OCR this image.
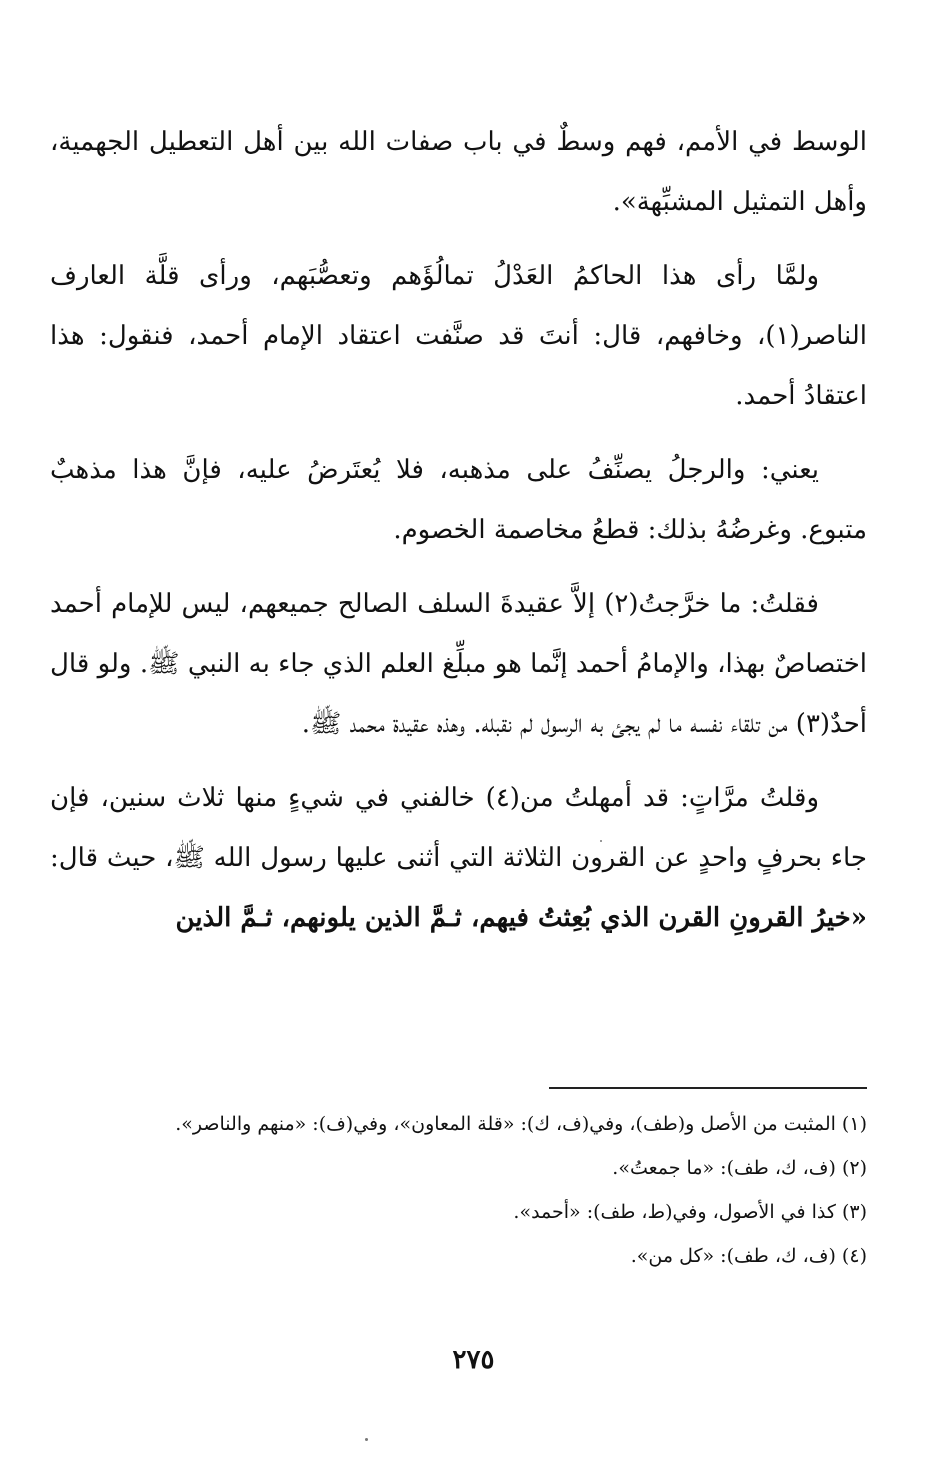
الوسط في الأمم، فهم وسطٌ في باب صفات الله بين أهل التعطيل الجهمية، وأهل التمثيل المشبِّهة».

ولمَّا رأى هذا الحاكمُ العَدْلُ تمالُؤَهم وتعصُّبَهم، ورأى قلَّة العارف الناصر(١)، وخافهم، قال: أنتَ قد صنَّفت اعتقاد الإمام أحمد، فنقول: هذا اعتقادُ أحمد.

يعني: والرجلُ يصنِّفُ على مذهبه، فلا يُعتَرضُ عليه، فإنَّ هذا مذهبٌ متبوع. وغرضُهُ بذلك: قطعُ مخاصمة الخصوم.

فقلتُ: ما خرَّجتُ(٢) إلاَّ عقيدةَ السلف الصالح جميعهم، ليس للإمام أحمد اختصاصٌ بهذا، والإمامُ أحمد إنَّما هو مبلِّغ العلم الذي جاء به النبي ﷺ. ولو قال أحدٌ(٣) من تلقاء نفسه ما لم يجئ به الرسول لم نقبله. وهذه عقيدة محمد ﷺ.

وقلتُ مرَّاتٍ: قد أمهلتُ من(٤) خالفني في شيءٍ منها ثلاث سنين، فإن جاء بحرفٍ واحدٍ عن القرون الثلاثة التي أثنى عليها رسول الله ﷺ، حيث قال: «خيرُ القرونِ القرن الذي بُعِثتُ فيهم، ثـمَّ الذين يلونهم، ثـمَّ الذين

(١) المثبت من الأصل و(طف)، وفي(ف، ك): «قلة المعاون»، وفي(ف): «منهم والناصر».

(٢) (ف، ك، طف): «ما جمعتُ».

(٣) كذا في الأصول، وفي(ط، طف): «أحمد».

(٤) (ف، ك، طف): «كل من».

٢٧٥
